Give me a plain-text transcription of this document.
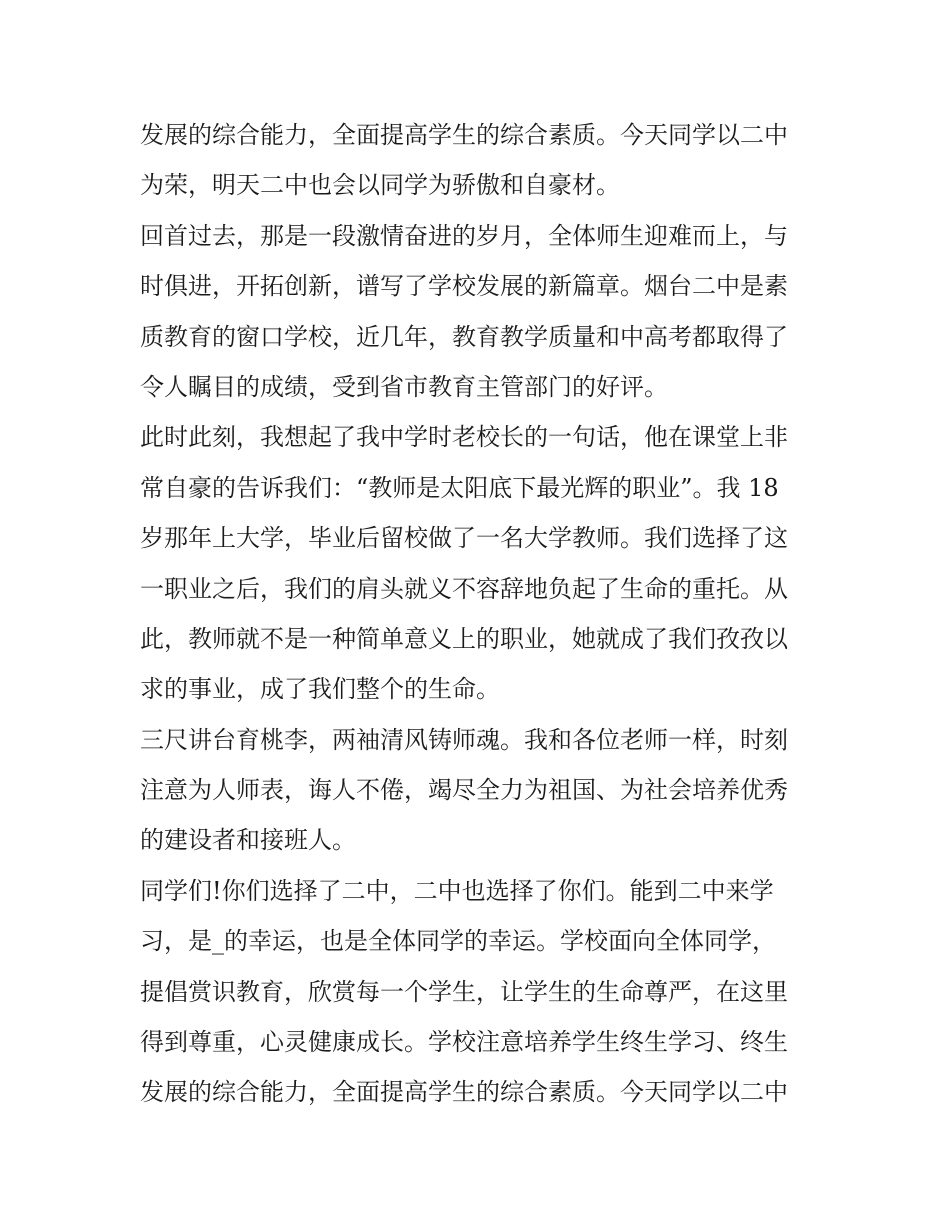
发展的综合能力，全面提高学生的综合素质。今天同学以二中
为荣，明天二中也会以同学为骄傲和自豪材。
回首过去，那是一段激情奋进的岁月，全体师生迎难而上，与
时俱进，开拓创新，谱写了学校发展的新篇章。烟台二中是素
质教育的窗口学校，近几年，教育教学质量和中高考都取得了
令人瞩目的成绩，受到省市教育主管部门的好评。
此时此刻，我想起了我中学时老校长的一句话，他在课堂上非
常自豪的告诉我们：“教师是太阳底下最光辉的职业”。我 18
岁那年上大学，毕业后留校做了一名大学教师。我们选择了这
一职业之后，我们的肩头就义不容辞地负起了生命的重托。从
此，教师就不是一种简单意义上的职业，她就成了我们孜孜以
求的事业，成了我们整个的生命。
三尺讲台育桃李，两袖清风铸师魂。我和各位老师一样，时刻
注意为人师表，诲人不倦，竭尽全力为祖国、为社会培养优秀
的建设者和接班人。
同学们!你们选择了二中，二中也选择了你们。能到二中来学
习，是_的幸运，也是全体同学的幸运。学校面向全体同学，
提倡赏识教育，欣赏每一个学生，让学生的生命尊严，在这里
得到尊重，心灵健康成长。学校注意培养学生终生学习、终生
发展的综合能力，全面提高学生的综合素质。今天同学以二中
